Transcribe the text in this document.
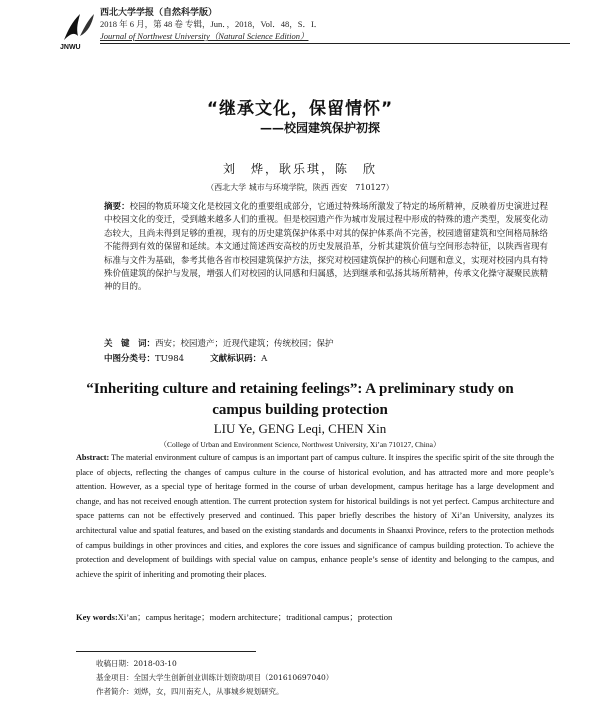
JNWU
西北大学学报（自然科学版）
2018 年 6 月，第 48 卷 专辑，Jun．，2018，Vol．48，S．I．
Journal of Northwest University（Natural Science Edition）
“继承文化，保留情怀”
——校园建筑保护初探
刘　烨，耿乐琪，陈　欣
（西北大学 城市与环境学院，陕西 西安　710127）
摘要：校园的物质环境文化是校园文化的重要组成部分，它通过特殊场所激发了特定的场所精神，反映着历史演进过程中校园文化的变迁，受到越来越多人们的重视。但是校园遗产作为城市发展过程中形成的特殊的遗产类型，发展变化动态较大，且尚未得到足够的重视，现有的历史建筑保护体系中对其的保护体系尚不完善，校园遗留建筑和空间格局脉络不能得到有效的保留和延续。本文通过简述西安高校的历史发展沿革，分析其建筑价值与空间形态特征，以陕西省现有标准与文件为基础，参考其他各省市校园建筑保护方法，探究对校园建筑保护的核心问题和意义，实现对校园内具有特殊价值建筑的保护与发展，增强人们对校园的认同感和归属感，达到继承和弘扬其场所精神，传承文化操守凝聚民族精神的目的。
关　键　词：西安；校园遗产；近现代建筑；传统校园；保护
中图分类号：TU984	文献标识码：A
“Inheriting culture and retaining feelings”: A preliminary study on campus building protection
LIU Ye, GENG Leqi, CHEN Xin
（College of Urban and Environment Science, Northwest University, Xi’an 710127, China）
Abstract: The material environment culture of campus is an important part of campus culture. It inspires the specific spirit of the site through the place of objects, reflecting the changes of campus culture in the course of historical evolution, and has attracted more and more people’s attention. However, as a special type of heritage formed in the course of urban development, campus heritage has a large development and change, and has not received enough attention. The current protection system for historical buildings is not yet perfect. Campus architecture and space patterns can not be effectively preserved and continued. This paper briefly describes the history of Xi’an University, analyzes its architectural value and spatial features, and based on the existing standards and documents in Shaanxi Province, refers to the protection methods of campus buildings in other provinces and cities, and explores the core issues and significance of campus building protection. To achieve the protection and development of buildings with special value on campus, enhance people’s sense of identity and belonging to the campus, and achieve the spirit of inheriting and promoting their places.
Key words:Xi’an；campus heritage；modern architecture；traditional campus；protection
收稿日期：2018-03-10
基金项目：全国大学生创新创业训练计划资助项目（201610697040）
作者简介：刘烨，女，四川南充人，从事城乡规划研究。
